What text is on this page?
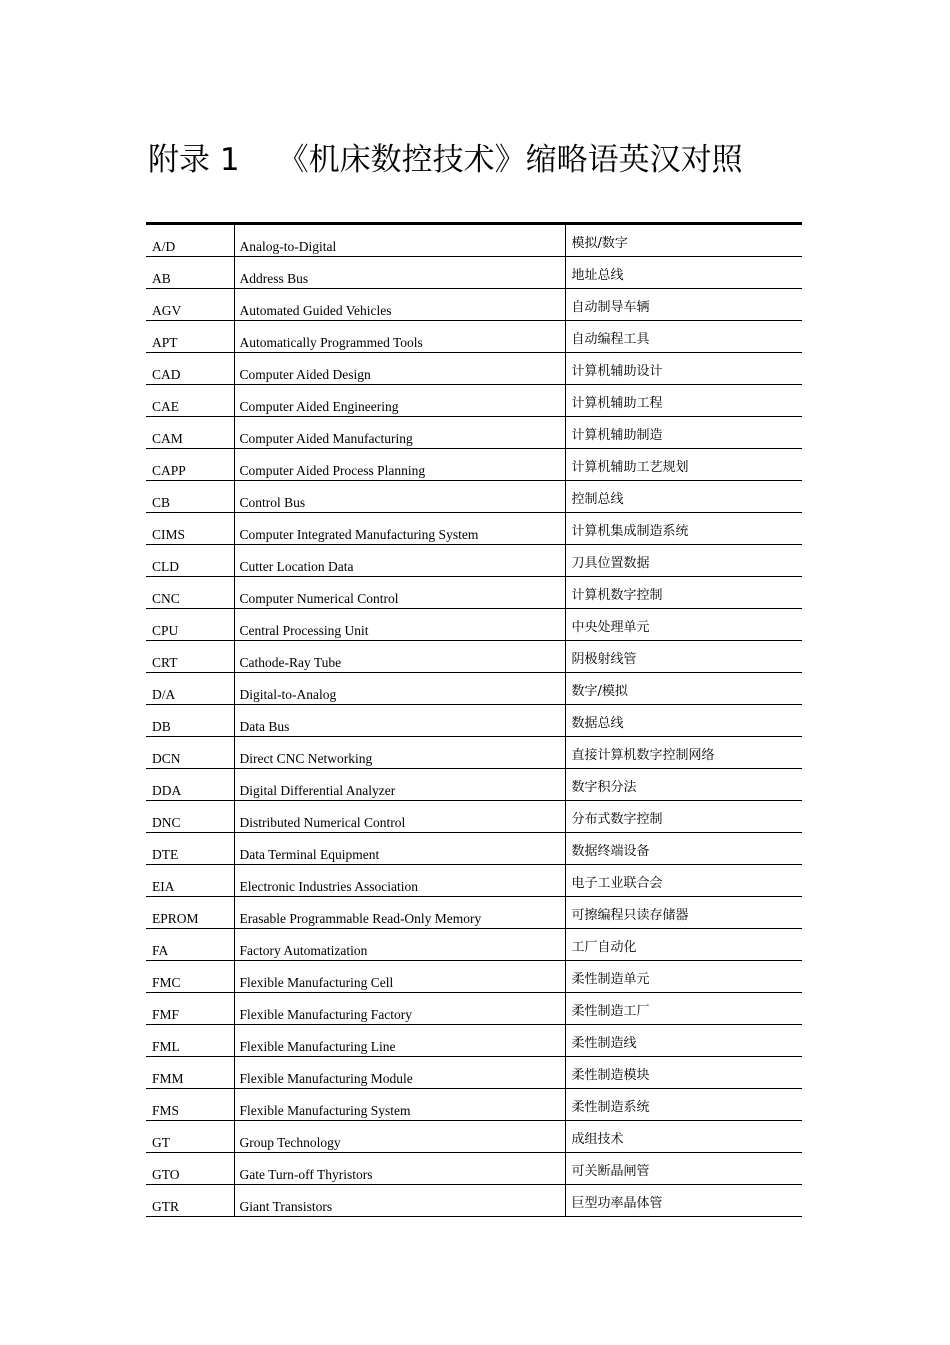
附录 1 《机床数控技术》缩略语英汉对照
A/D	Analog-to-Digital	模拟/数字
AB	Address Bus	地址总线
AGV	Automated Guided Vehicles	自动制导车辆
APT	Automatically Programmed Tools	自动编程工具
CAD	Computer Aided Design	计算机辅助设计
CAE	Computer Aided Engineering	计算机辅助工程
CAM	Computer Aided Manufacturing	计算机辅助制造
CAPP	Computer Aided Process Planning	计算机辅助工艺规划
CB	Control Bus	控制总线
CIMS	Computer Integrated Manufacturing System	计算机集成制造系统
CLD	Cutter Location Data	刀具位置数据
CNC	Computer Numerical Control	计算机数字控制
CPU	Central Processing Unit	中央处理单元
CRT	Cathode-Ray Tube	阴极射线管
D/A	Digital-to-Analog	数字/模拟
DB	Data Bus	数据总线
DCN	Direct CNC Networking	直接计算机数字控制网络
DDA	Digital Differential Analyzer	数字积分法
DNC	Distributed Numerical Control	分布式数字控制
DTE	Data Terminal Equipment	数据终端设备
EIA	Electronic Industries Association	电子工业联合会
EPROM	Erasable Programmable Read-Only Memory	可擦编程只读存储器
FA	Factory Automatization	工厂自动化
FMC	Flexible Manufacturing Cell	柔性制造单元
FMF	Flexible Manufacturing Factory	柔性制造工厂
FML	Flexible Manufacturing Line	柔性制造线
FMM	Flexible Manufacturing Module	柔性制造模块
FMS	Flexible Manufacturing System	柔性制造系统
GT	Group Technology	成组技术
GTO	Gate Turn-off Thyristors	可关断晶闸管
GTR	Giant Transistors	巨型功率晶体管
